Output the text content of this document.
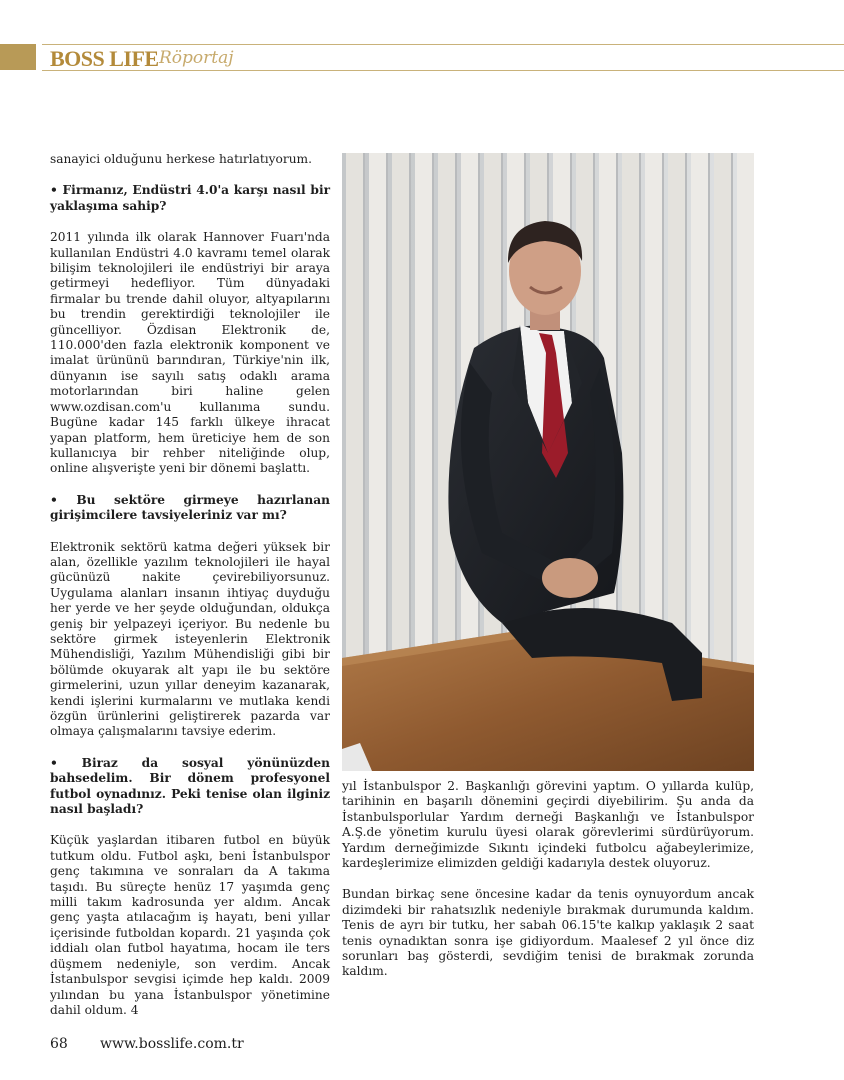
BOSS LIFE Röportaj

sanayici olduğunu herkese hatırlatıyorum.

• Firmanız, Endüstri 4.0'a karşı nasıl bir yaklaşıma sahip?

2011 yılında ilk olarak Hannover Fuarı'nda kullanılan Endüstri 4.0 kavramı temel olarak bilişim teknolojileri ile endüstriyi bir araya getirmeyi hedefliyor. Tüm dünyadaki firmalar bu trende dahil oluyor, altyapılarını bu trendin gerektirdiği teknolojiler ile güncelliyor. Özdisan Elektronik de, 110.000'den fazla elektronik komponent ve imalat ürününü barındıran, Türkiye'nin ilk, dünyanın ise sayılı satış odaklı arama motorlarından biri haline gelen www.ozdisan.com'u kullanıma sundu. Bugüne kadar 145 farklı ülkeye ihracat yapan platform, hem üreticiye hem de son kullanıcıya bir rehber niteliğinde olup, online alışverişte yeni bir dönemi başlattı.

• Bu sektöre girmeye hazırlanan girişimcilere tavsiyeleriniz var mı?

Elektronik sektörü katma değeri yüksek bir alan, özellikle yazılım teknolojileri ile hayal gücünüzü nakite çevirebiliyorsunuz. Uygulama alanları insanın ihtiyaç duyduğu her yerde ve her şeyde olduğundan, oldukça geniş bir yelpazeyi içeriyor. Bu nedenle bu sektöre girmek isteyenlerin Elektronik Mühendisliği, Yazılım Mühendisliği gibi bir bölümde okuyarak alt yapı ile bu sektöre girmelerini, uzun yıllar deneyim kazanarak, kendi işlerini kurmalarını ve mutlaka kendi özgün ürünlerini geliştirerek pazarda var olmaya çalışmalarını tavsiye ederim.

• Biraz da sosyal yönünüzden bahsedelim. Bir dönem profesyonel futbol oynadınız. Peki tenise olan ilginiz nasıl başladı?

Küçük yaşlardan itibaren futbol en büyük tutkum oldu. Futbol aşkı, beni İstanbulspor genç takımına ve sonraları da A takıma taşıdı. Bu süreçte henüz 17 yaşımda genç milli takım kadrosunda yer aldım. Ancak genç yaşta atılacağım iş hayatı, beni yıllar içerisinde futboldan kopardı. 21 yaşında çok iddialı olan futbol hayatıma, hocam ile ters düşmem nedeniyle, son verdim. Ancak İstanbulspor sevgisi içimde hep kaldı. 2009 yılından bu yana İstanbulspor yönetimine dahil oldum. 4

yıl İstanbulspor 2. Başkanlığı görevini yaptım. O yıllarda kulüp, tarihinin en başarılı dönemini geçirdi diyebilirim. Şu anda da İstanbulsporlular Yardım derneği Başkanlığı ve İstanbulspor A.Ş.de yönetim kurulu üyesi olarak görevlerimi sürdürüyorum. Yardım derneğimizde Sıkıntı içindeki futbolcu ağabeylerimize, kardeşlerimize elimizden geldiği kadarıyla destek oluyoruz.

Bundan birkaç sene öncesine kadar da tenis oynuyordum ancak dizimdeki bir rahatsızlık nedeniyle bırakmak durumunda kaldım. Tenis de ayrı bir tutku, her sabah 06.15'te kalkıp yaklaşık 2 saat tenis oynadıktan sonra işe gidiyordum. Maalesef 2 yıl önce diz sorunları baş gösterdi, sevdiğim tenisi de bırakmak zorunda kaldım.

68 www.bosslife.com.tr
